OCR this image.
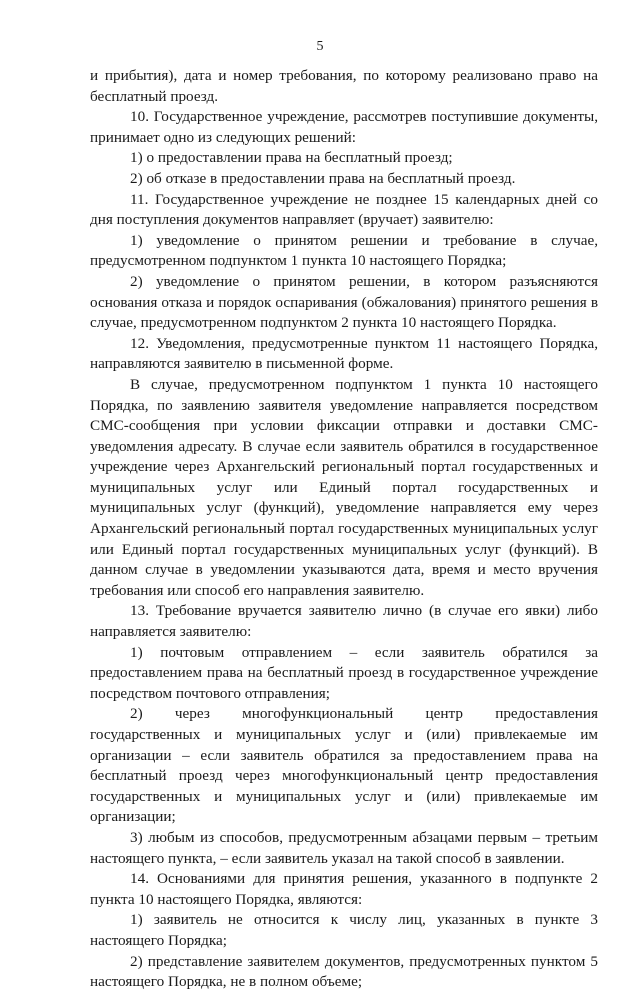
5

и прибытия), дата и номер требования, по которому реализовано право на бесплатный проезд.

10. Государственное учреждение, рассмотрев поступившие документы, принимает одно из следующих решений:

1) о предоставлении права на бесплатный проезд;

2) об отказе в предоставлении права на бесплатный проезд.

11. Государственное учреждение не позднее 15 календарных дней со дня поступления документов направляет (вручает) заявителю:

1) уведомление о принятом решении и требование в случае, предусмотренном подпунктом 1 пункта 10 настоящего Порядка;

2) уведомление о принятом решении, в котором разъясняются основания отказа и порядок оспаривания (обжалования) принятого решения в случае, предусмотренном подпунктом 2 пункта 10 настоящего Порядка.

12. Уведомления, предусмотренные пунктом 11 настоящего Порядка, направляются заявителю в письменной форме.

В случае, предусмотренном подпунктом 1 пункта 10 настоящего Порядка, по заявлению заявителя уведомление направляется посредством СМС-сообщения при условии фиксации отправки и доставки СМС-уведомления адресату. В случае если заявитель обратился в государственное учреждение через Архангельский региональный портал государственных и муниципальных услуг или Единый портал государственных и муниципальных услуг (функций), уведомление направляется ему через Архангельский региональный портал государственных муниципальных услуг или Единый портал государственных муниципальных услуг (функций). В данном случае в уведомлении указываются дата, время и место вручения требования или способ его направления заявителю.

13. Требование вручается заявителю лично (в случае его явки) либо направляется заявителю:

1) почтовым отправлением – если заявитель обратился за предоставлением права на бесплатный проезд в государственное учреждение посредством почтового отправления;

2) через многофункциональный центр предоставления государственных и муниципальных услуг и (или) привлекаемые им организации – если заявитель обратился за предоставлением права на бесплатный проезд через многофункциональный центр предоставления государственных и муниципальных услуг и (или) привлекаемые им организации;

3) любым из способов, предусмотренным абзацами первым – третьим настоящего пункта, – если заявитель указал на такой способ в заявлении.

14. Основаниями для принятия решения, указанного в подпункте 2 пункта 10 настоящего Порядка, являются:

1) заявитель не относится к числу лиц, указанных в пункте 3 настоящего Порядка;

2) представление заявителем документов, предусмотренных пунктом 5 настоящего Порядка, не в полном объеме;
